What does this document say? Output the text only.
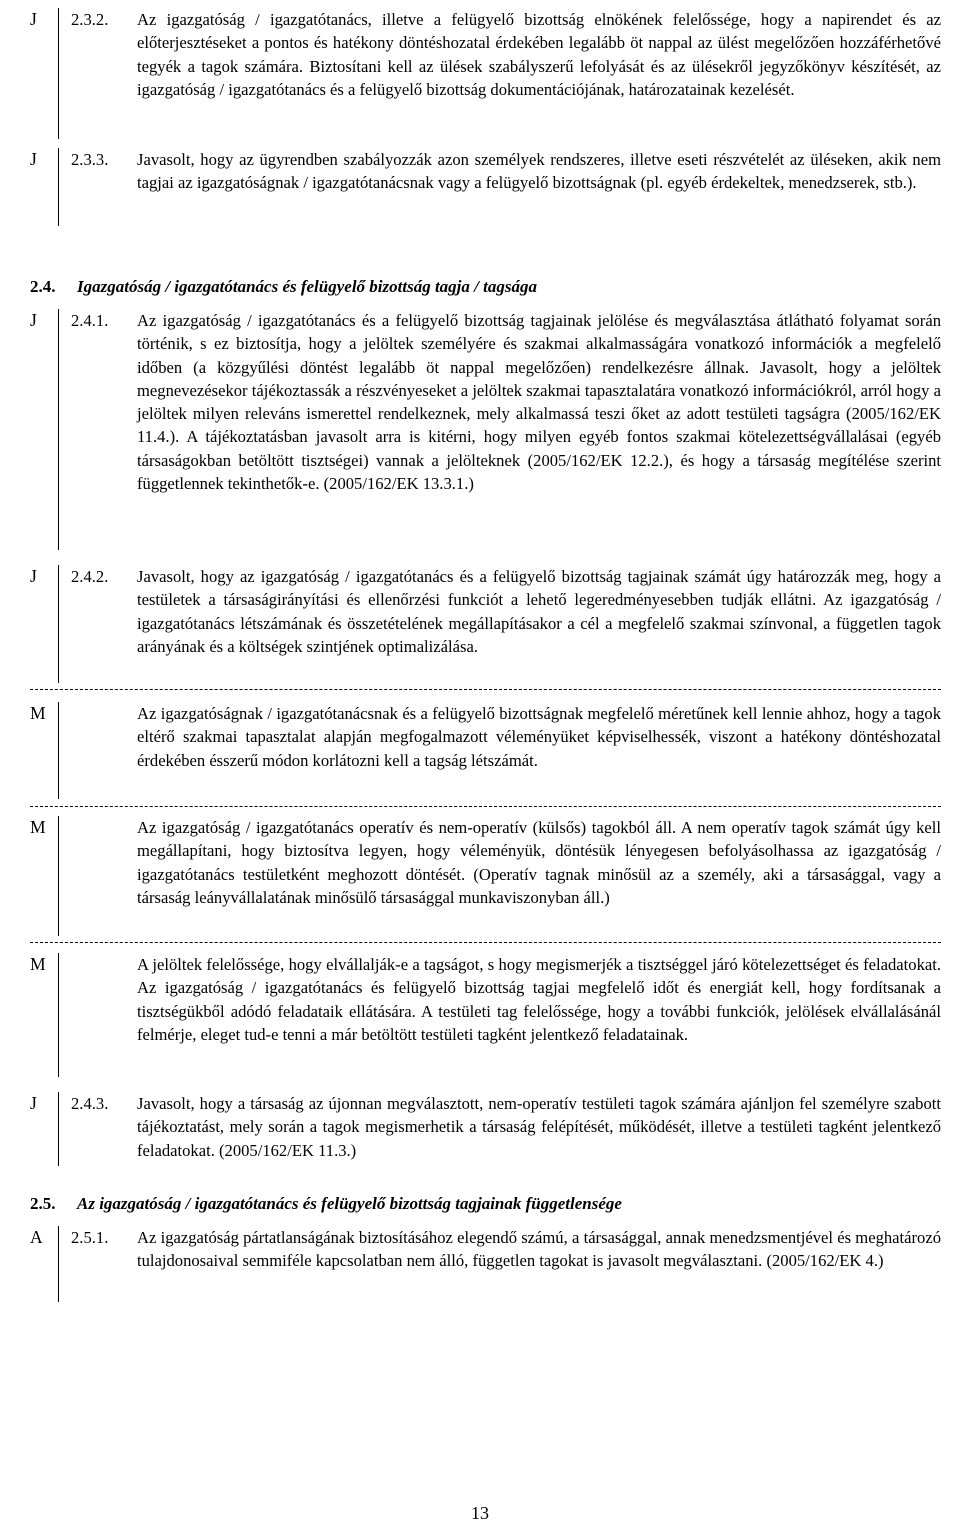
J	2.3.2. Az igazgatóság / igazgatótanács, illetve a felügyelő bizottság elnökének felelőssége, hogy a napirendet és az előterjesztéseket a pontos és hatékony döntéshozatal érdekében legalább öt nappal az ülést megelőzően hozzáférhetővé tegyék a tagok számára. Biztosítani kell az ülések szabályszerű lefolyását és az ülésekről jegyzőkönyv készítését, az igazgatóság / igazgatótanács és a felügyelő bizottság dokumentációjának, határozatainak kezelését.
J	2.3.3. Javasolt, hogy az ügyrendben szabályozzák azon személyek rendszeres, illetve eseti részvételét az üléseken, akik nem tagjai az igazgatóságnak / igazgatótanácsnak vagy a felügyelő bizottságnak (pl. egyéb érdekeltek, menedzserek, stb.).
2.4. Igazgatóság / igazgatótanács és felügyelő bizottság tagja / tagsága
J	2.4.1. Az igazgatóság / igazgatótanács és a felügyelő bizottság tagjainak jelölése és megválasztása átlátható folyamat során történik, s ez biztosítja, hogy a jelöltek személyére és szakmai alkalmasságára vonatkozó információk a megfelelő időben (a közgyűlési döntést legalább öt nappal megelőzően) rendelkezésre állnak. Javasolt, hogy a jelöltek megnevezésekor tájékoztassák a részvényeseket a jelöltek szakmai tapasztalatára vonatkozó információkról, arról hogy a jelöltek milyen releváns ismerettel rendelkeznek, mely alkalmassá teszi őket az adott testületi tagságra (2005/162/EK 11.4.). A tájékoztatásban javasolt arra is kitérni, hogy milyen egyéb fontos szakmai kötelezettségvállalásai (egyéb társaságokban betöltött tisztségei) vannak a jelölteknek (2005/162/EK 12.2.), és hogy a társaság megítélése szerint függetlennek tekinthetők-e. (2005/162/EK 13.3.1.)
J	2.4.2. Javasolt, hogy az igazgatóság / igazgatótanács és a felügyelő bizottság tagjainak számát úgy határozzák meg, hogy a testületek a társaságirányítási és ellenőrzési funkciót a lehető legeredményesebben tudják ellátni. Az igazgatóság / igazgatótanács létszámának és összetételének megállapításakor a cél a megfelelő szakmai színvonal, a független tagok arányának és a költségek szintjének optimalizálása.
M	Az igazgatóságnak / igazgatótanácsnak és a felügyelő bizottságnak megfelelő méretűnek kell lennie ahhoz, hogy a tagok eltérő szakmai tapasztalat alapján megfogalmazott véleményüket képviselhessék, viszont a hatékony döntéshozatal érdekében ésszerű módon korlátozni kell a tagság létszámát.
M	Az igazgatóság / igazgatótanács operatív és nem-operatív (külsős) tagokból áll. A nem operatív tagok számát úgy kell megállapítani, hogy biztosítva legyen, hogy véleményük, döntésük lényegesen befolyásolhassa az igazgatóság / igazgatótanács testületként meghozott döntését. (Operatív tagnak minősül az a személy, aki a társasággal, vagy a társaság leányvállalatának minősülő társasággal munkaviszonyban áll.)
M	A jelöltek felelőssége, hogy elvállalják-e a tagságot, s hogy megismerjék a tisztséggel járó kötelezettséget és feladatokat. Az igazgatóság / igazgatótanács és felügyelő bizottság tagjai megfelelő időt és energiát kell, hogy fordítsanak a tisztségükből adódó feladataik ellátására. A testületi tag felelőssége, hogy a további funkciók, jelölések elvállalásánál felmérje, eleget tud-e tenni a már betöltött testületi tagként jelentkező feladatainak.
J	2.4.3. Javasolt, hogy a társaság az újonnan megválasztott, nem-operatív testületi tagok számára ajánljon fel személyre szabott tájékoztatást, mely során a tagok megismerhetik a társaság felépítését, működését, illetve a testületi tagként jelentkező feladatokat. (2005/162/EK 11.3.)
2.5. Az igazgatóság / igazgatótanács és felügyelő bizottság tagjainak függetlensége
A	2.5.1. Az igazgatóság pártatlanságának biztosításához elegendő számú, a társasággal, annak menedzsmentjével és meghatározó tulajdonosaival semmiféle kapcsolatban nem álló, független tagokat is javasolt megválasztani. (2005/162/EK 4.)
13
